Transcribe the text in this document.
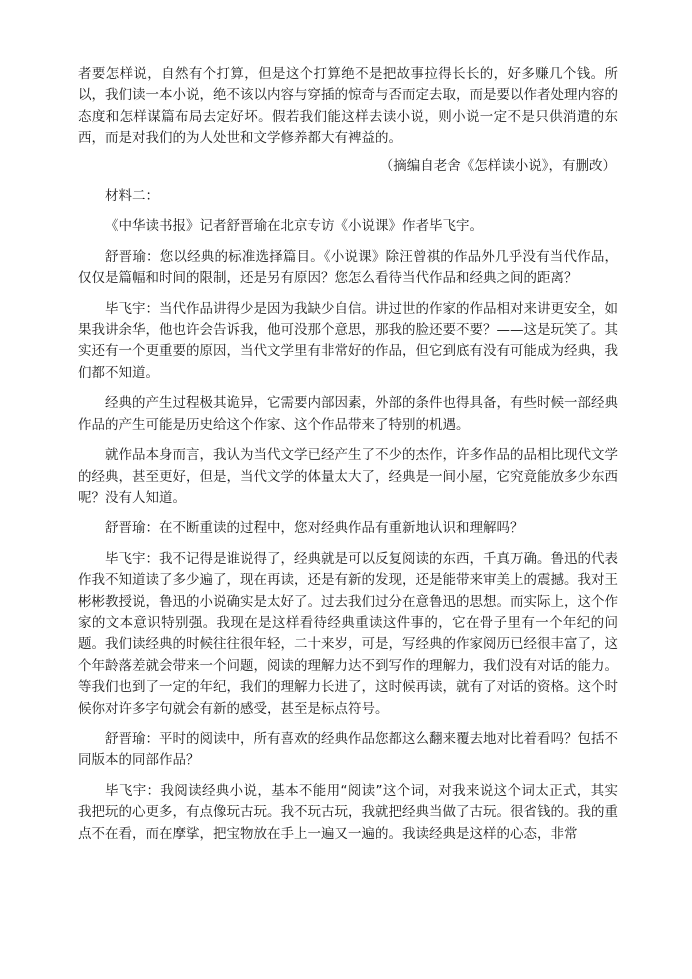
者要怎样说，自然有个打算，但是这个打算绝不是把故事拉得长长的，好多赚几个钱。所以，我们读一本小说，绝不该以内容与穿插的惊奇与否而定去取，而是要以作者处理内容的态度和怎样谋篇布局去定好坏。假若我们能这样去读小说，则小说一定不是只供消遣的东西，而是对我们的为人处世和文学修养都大有裨益的。

（摘编自老舍《怎样读小说》，有删改）

材料二：

《中华读书报》记者舒晋瑜在北京专访《小说课》作者毕飞宇。

舒晋瑜：您以经典的标准选择篇目。《小说课》除汪曾祺的作品外几乎没有当代作品，仅仅是篇幅和时间的限制，还是另有原因？您怎么看待当代作品和经典之间的距离？

毕飞宇：当代作品讲得少是因为我缺少自信。讲过世的作家的作品相对来讲更安全，如果我讲余华，他也许会告诉我，他可没那个意思，那我的脸还要不要？——这是玩笑了。其实还有一个更重要的原因，当代文学里有非常好的作品，但它到底有没有可能成为经典，我们都不知道。

经典的产生过程极其诡异，它需要内部因素，外部的条件也得具备，有些时候一部经典作品的产生可能是历史给这个作家、这个作品带来了特别的机遇。

就作品本身而言，我认为当代文学已经产生了不少的杰作，许多作品的品相比现代文学的经典，甚至更好，但是，当代文学的体量太大了，经典是一间小屋，它究竟能放多少东西呢？没有人知道。

舒晋瑜：在不断重读的过程中，您对经典作品有重新地认识和理解吗？

毕飞宇：我不记得是谁说得了，经典就是可以反复阅读的东西，千真万确。鲁迅的代表作我不知道读了多少遍了，现在再读，还是有新的发现，还是能带来审美上的震撼。我对王彬彬教授说，鲁迅的小说确实是太好了。过去我们过分在意鲁迅的思想。而实际上，这个作家的文本意识特别强。我现在是这样看待经典重读这件事的，它在骨子里有一个年纪的问题。我们读经典的时候往往很年轻，二十来岁，可是，写经典的作家阅历已经很丰富了，这个年龄落差就会带来一个问题，阅读的理解力达不到写作的理解力，我们没有对话的能力。等我们也到了一定的年纪，我们的理解力长进了，这时候再读，就有了对话的资格。这个时候你对许多字句就会有新的感受，甚至是标点符号。

舒晋瑜：平时的阅读中，所有喜欢的经典作品您都这么翻来覆去地对比着看吗？包括不同版本的同部作品？

毕飞宇：我阅读经典小说，基本不能用“阅读”这个词，对我来说这个词太正式，其实我把玩的心更多，有点像玩古玩。我不玩古玩，我就把经典当做了古玩。很省钱的。我的重点不在看，而在摩挲，把宝物放在手上一遍又一遍的。我读经典是这样的心态，非常
